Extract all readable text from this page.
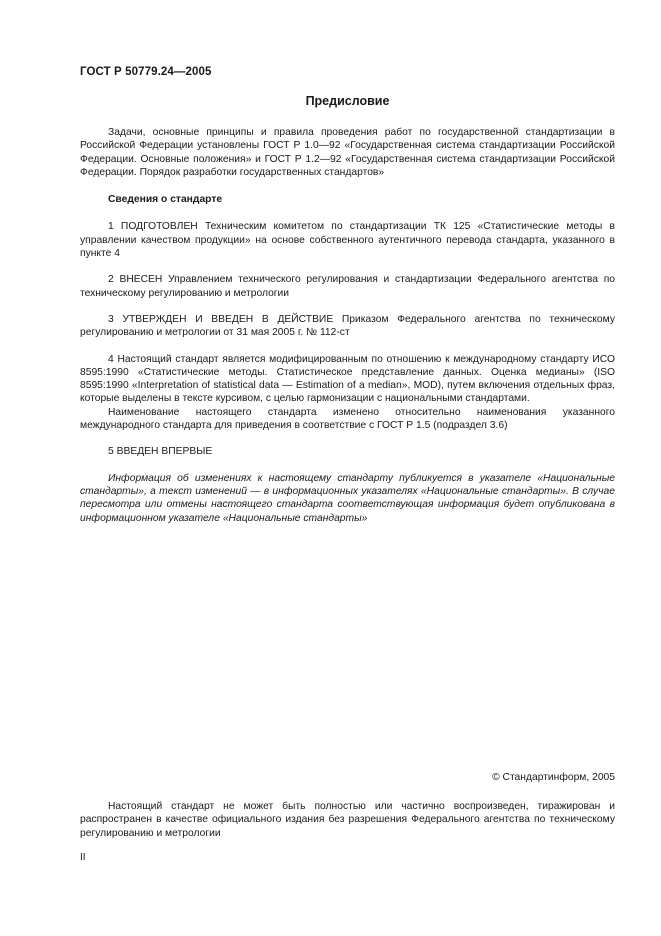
ГОСТ Р 50779.24—2005
Предисловие

Задачи, основные принципы и правила проведения работ по государственной стандартизации в Российской Федерации установлены ГОСТ Р 1.0—92 «Государственная система стандартизации Российской Федерации. Основные положения» и ГОСТ Р 1.2—92 «Государственная система стандартизации Российской Федерации. Порядок разработки государственных стандартов»

Сведения о стандарте

1 ПОДГОТОВЛЕН Техническим комитетом по стандартизации ТК 125 «Статистические методы в управлении качеством продукции» на основе собственного аутентичного перевода стандарта, указанного в пункте 4

2 ВНЕСЕН Управлением технического регулирования и стандартизации Федерального агентства по техническому регулированию и метрологии

3 УТВЕРЖДЕН И ВВЕДЕН В ДЕЙСТВИЕ Приказом Федерального агентства по техническому регулированию и метрологии от 31 мая 2005 г. № 112-ст

4 Настоящий стандарт является модифицированным по отношению к международному стандарту ИСО 8595:1990 «Статистические методы. Статистическое представление данных. Оценка медианы» (ISO 8595:1990 «Interpretation of statistical data — Estimation of a median», MOD), путем включения отдельных фраз, которые выделены в тексте курсивом, с целью гармонизации с национальными стандартами.

Наименование настоящего стандарта изменено относительно наименования указанного международного стандарта для приведения в соответствие с ГОСТ Р 1.5 (подраздел 3.6)

5 ВВЕДЕН ВПЕРВЫЕ

Информация об изменениях к настоящему стандарту публикуется в указателе «Национальные стандарты», а текст изменений — в информационных указателях «Национальные стандарты». В случае пересмотра или отмены настоящего стандарта соответствующая информация будет опубликована в информационном указателе «Национальные стандарты»

© Стандартинформ, 2005
Настоящий стандарт не может быть полностью или частично воспроизведен, тиражирован и распространен в качестве официального издания без разрешения Федерального агентства по техническому регулированию и метрологии
II
